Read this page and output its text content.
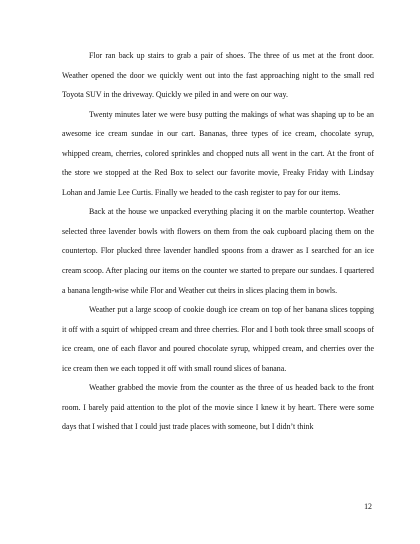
Flor ran back up stairs to grab a pair of shoes. The three of us met at the front door. Weather opened the door we quickly went out into the fast approaching night to the small red Toyota SUV in the driveway. Quickly we piled in and were on our way.

Twenty minutes later we were busy putting the makings of what was shaping up to be an awesome ice cream sundae in our cart. Bananas, three types of ice cream, chocolate syrup, whipped cream, cherries, colored sprinkles and chopped nuts all went in the cart. At the front of the store we stopped at the Red Box to select our favorite movie, Freaky Friday with Lindsay Lohan and Jamie Lee Curtis. Finally we headed to the cash register to pay for our items.

Back at the house we unpacked everything placing it on the marble countertop. Weather selected three lavender bowls with flowers on them from the oak cupboard placing them on the countertop. Flor plucked three lavender handled spoons from a drawer as I searched for an ice cream scoop. After placing our items on the counter we started to prepare our sundaes. I quartered a banana length-wise while Flor and Weather cut theirs in slices placing them in bowls.

Weather put a large scoop of cookie dough ice cream on top of her banana slices topping it off with a squirt of whipped cream and three cherries. Flor and I both took three small scoops of ice cream, one of each flavor and poured chocolate syrup, whipped cream, and cherries over the ice cream then we each topped it off with small round slices of banana.

Weather grabbed the movie from the counter as the three of us headed back to the front room. I barely paid attention to the plot of the movie since I knew it by heart. There were some days that I wished that I could just trade places with someone, but I didn’t think

12
